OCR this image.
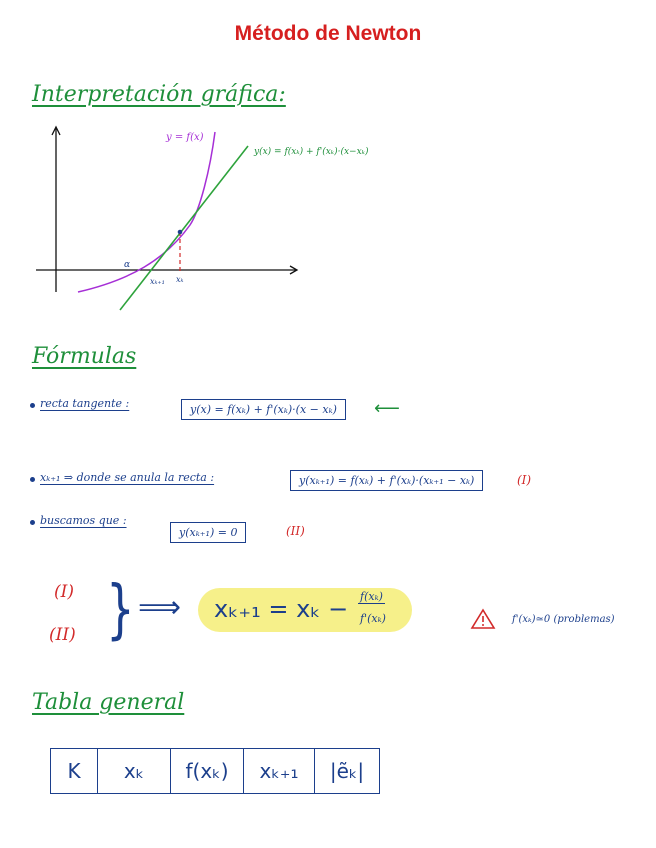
Método de Newton
Interpretación gráfica:
y = f(x)
y(x) = f(xₖ) + f'(xₖ)·(x−xₖ)
α
xₖ₊₁ xₖ
Fórmulas
recta tangente :	y(x) = f(xₖ) + f'(xₖ)·(x − xₖ)	⟵
xₖ₊₁ ⇒ donde se anula la recta :	y(xₖ₊₁) = f(xₖ) + f'(xₖ)·(xₖ₊₁ − xₖ)	(I)
buscamos que :
y(xₖ₊₁) = 0	(II)
(I)
(II) } ⟹ xₖ₊₁ = xₖ − f(xₖ)
f'(xₖ)	f'(xₖ)≃0 (problemas)
Tabla general
K	xₖ	f(xₖ)	xₖ₊₁	|ẽₖ|
